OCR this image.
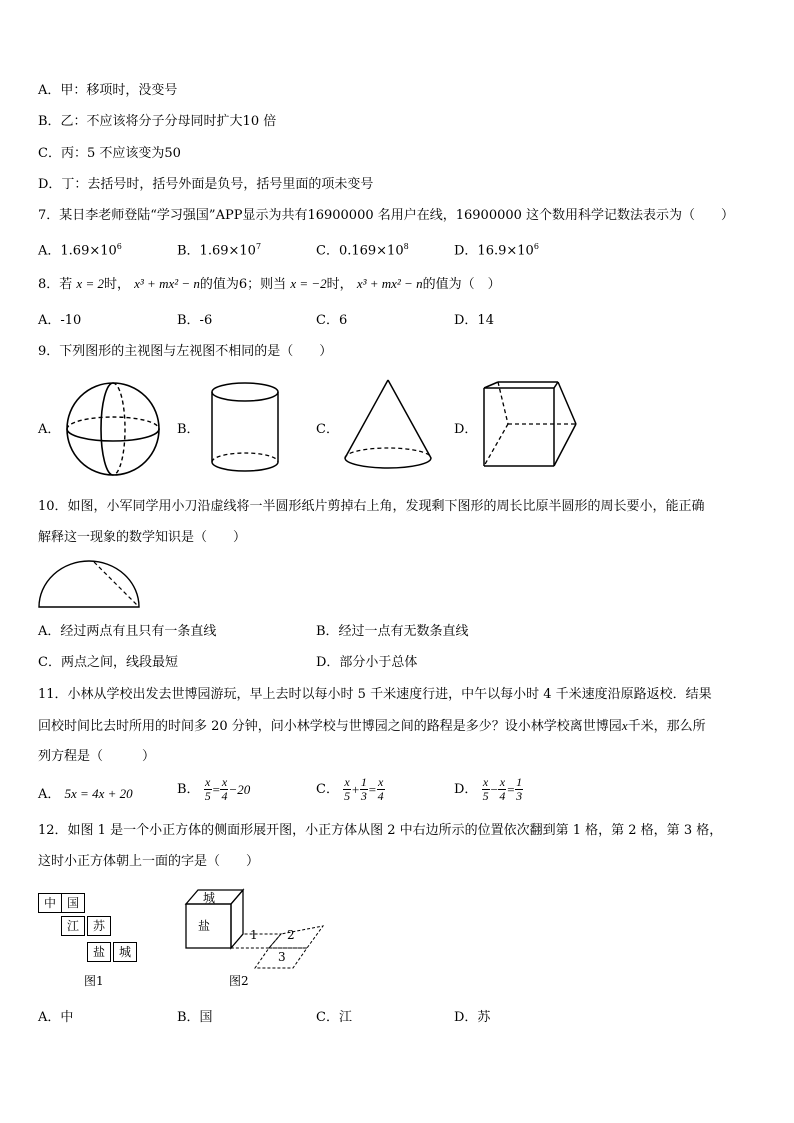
A．甲：移项时，没变号
B．乙：不应该将分子分母同时扩大10 倍
C．丙：5 不应该变为50
D．丁：去括号时，括号外面是负号，括号里面的项未变号
7．某日李老师登陆“学习强国”APP显示为共有16900000 名用户在线，16900000 这个数用科学记数法表示为（　　）
A．$1.69\times 10^6$	B．$1.69\times 10^7$	C．$0.169\times 10^8$	D．$16.9\times 10^6$
8．若 x = 2时， x³ + mx² − n的值为6；则当 x = −2时， x³ + mx² − n的值为（　）
A．-10	B．-6	C．6	D．14
9．下列图形的主视图与左视图不相同的是（　　）
A．	B．	C．	D．
10．如图，小军同学用小刀沿虚线将一半圆形纸片剪掉右上角，发现剩下图形的周长比原半圆形的周长要小，能正确
解释这一现象的数学知识是（　　）
A．经过两点有且只有一条直线	B．经过一点有无数条直线
C．两点之间，线段最短	D．部分小于总体
11．小林从学校出发去世博园游玩，早上去时以每小时 5 千米速度行进，中午以每小时 4 千米速度沿原路返校．结果
回校时间比去时所用的时间多 20 分钟，问小林学校与世博园之间的路程是多少？设小林学校离世博园x千米，那么所
列方程是（　　　）
A． 5x = 4x + 20	B． $\frac{x}{5} = \frac{x}{4} -20$	C． $\frac{x}{5} + \frac{1}{3} = \frac{x}{4}$	D． $\frac{x}{5} - \frac{x}{4} = \frac{1}{3}$
12．如图 1 是一个小正方体的侧面形展开图，小正方体从图 2 中右边所示的位置依次翻到第 1 格，第 2 格，第 3 格，
这时小正方体朝上一面的字是（　　）
中 国
江	苏
盐	城
图1
城
盐
1 2
3
图2
A．中	B．国	C．江	D．苏
